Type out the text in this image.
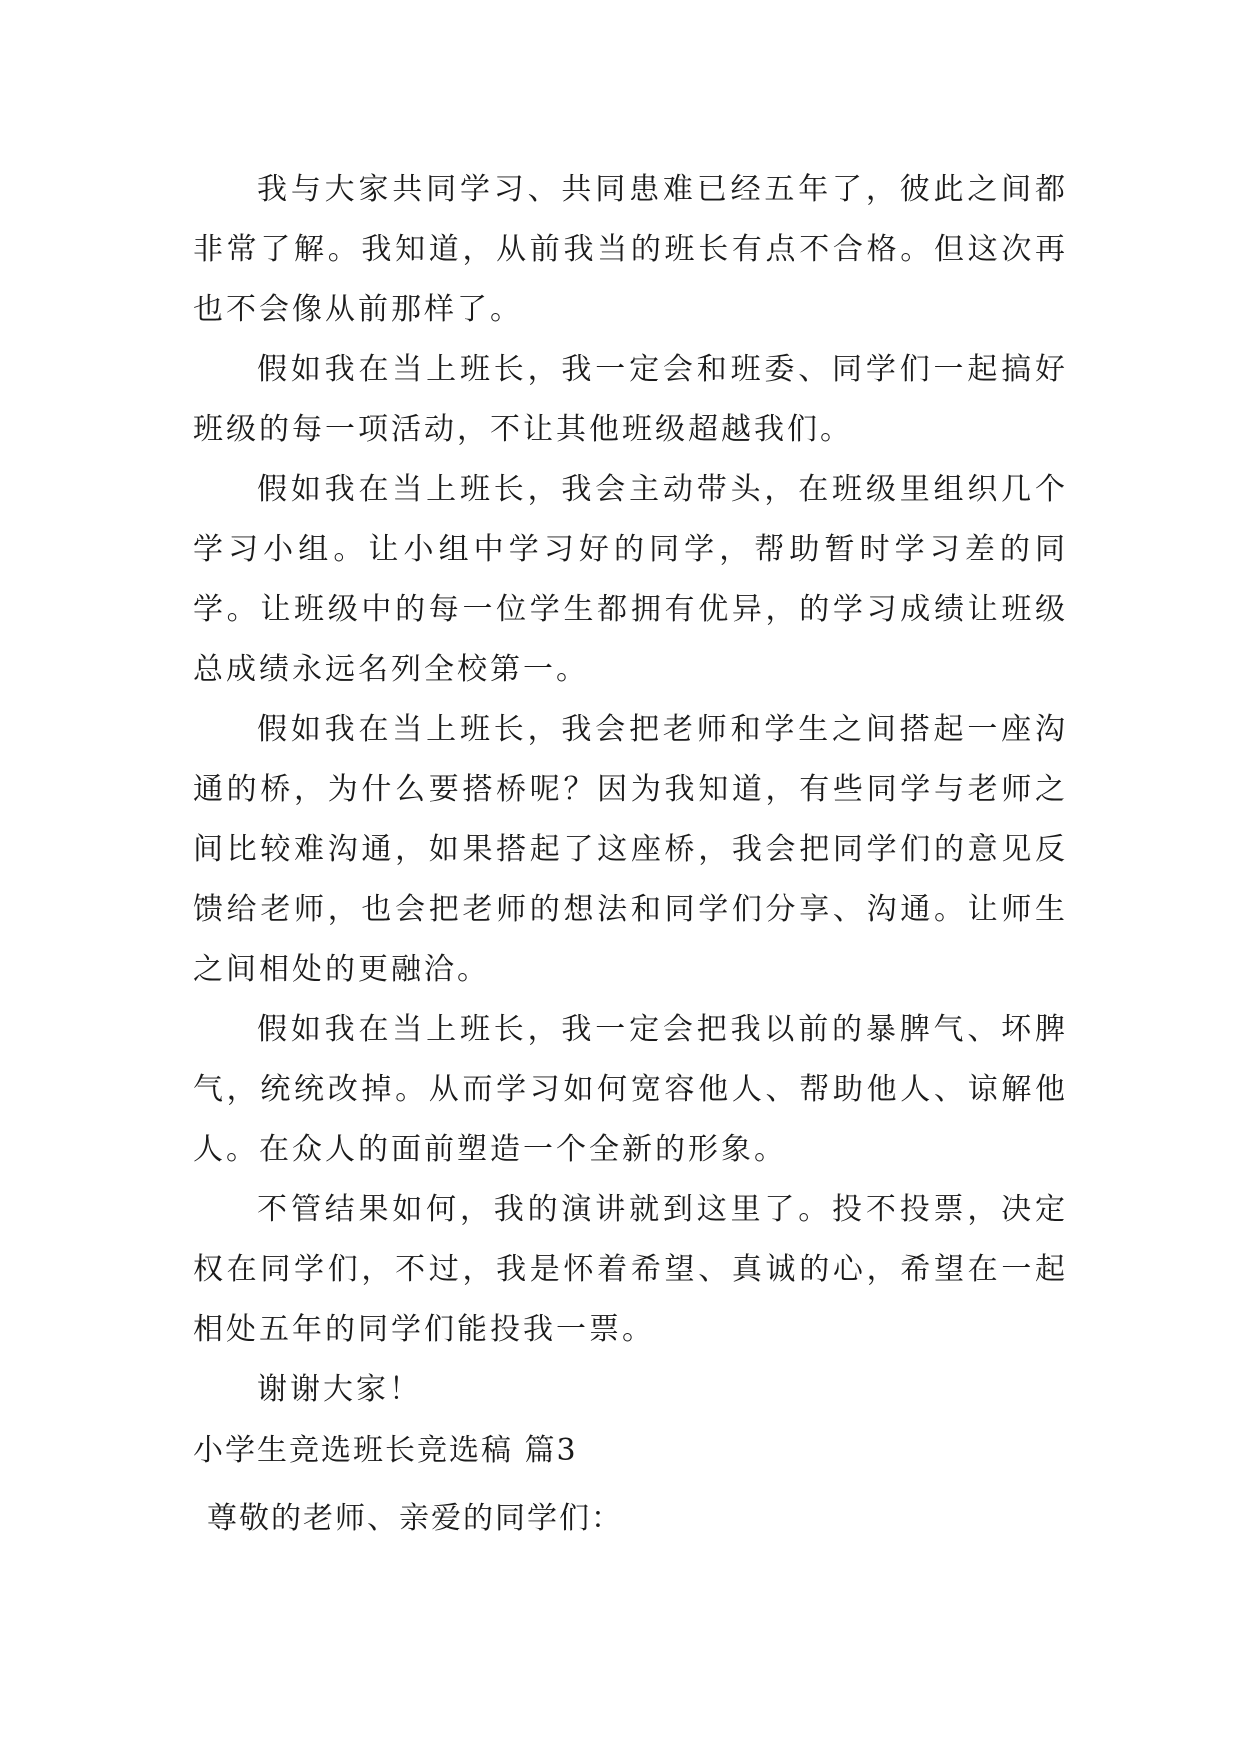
我与大家共同学习、共同患难已经五年了，彼此之间都非常了解。我知道，从前我当的班长有点不合格。但这次再也不会像从前那样了。

假如我在当上班长，我一定会和班委、同学们一起搞好班级的每一项活动，不让其他班级超越我们。

假如我在当上班长，我会主动带头，在班级里组织几个学习小组。让小组中学习好的同学，帮助暂时学习差的同学。让班级中的每一位学生都拥有优异，的学习成绩让班级总成绩永远名列全校第一。

假如我在当上班长，我会把老师和学生之间搭起一座沟通的桥，为什么要搭桥呢？因为我知道，有些同学与老师之间比较难沟通，如果搭起了这座桥，我会把同学们的意见反馈给老师，也会把老师的想法和同学们分享、沟通。让师生之间相处的更融洽。

假如我在当上班长，我一定会把我以前的暴脾气、坏脾气，统统改掉。从而学习如何宽容他人、帮助他人、谅解他人。在众人的面前塑造一个全新的形象。

不管结果如何，我的演讲就到这里了。投不投票，决定权在同学们，不过，我是怀着希望、真诚的心，希望在一起相处五年的同学们能投我一票。

谢谢大家！

小学生竞选班长竞选稿 篇3

尊敬的老师、亲爱的同学们：
